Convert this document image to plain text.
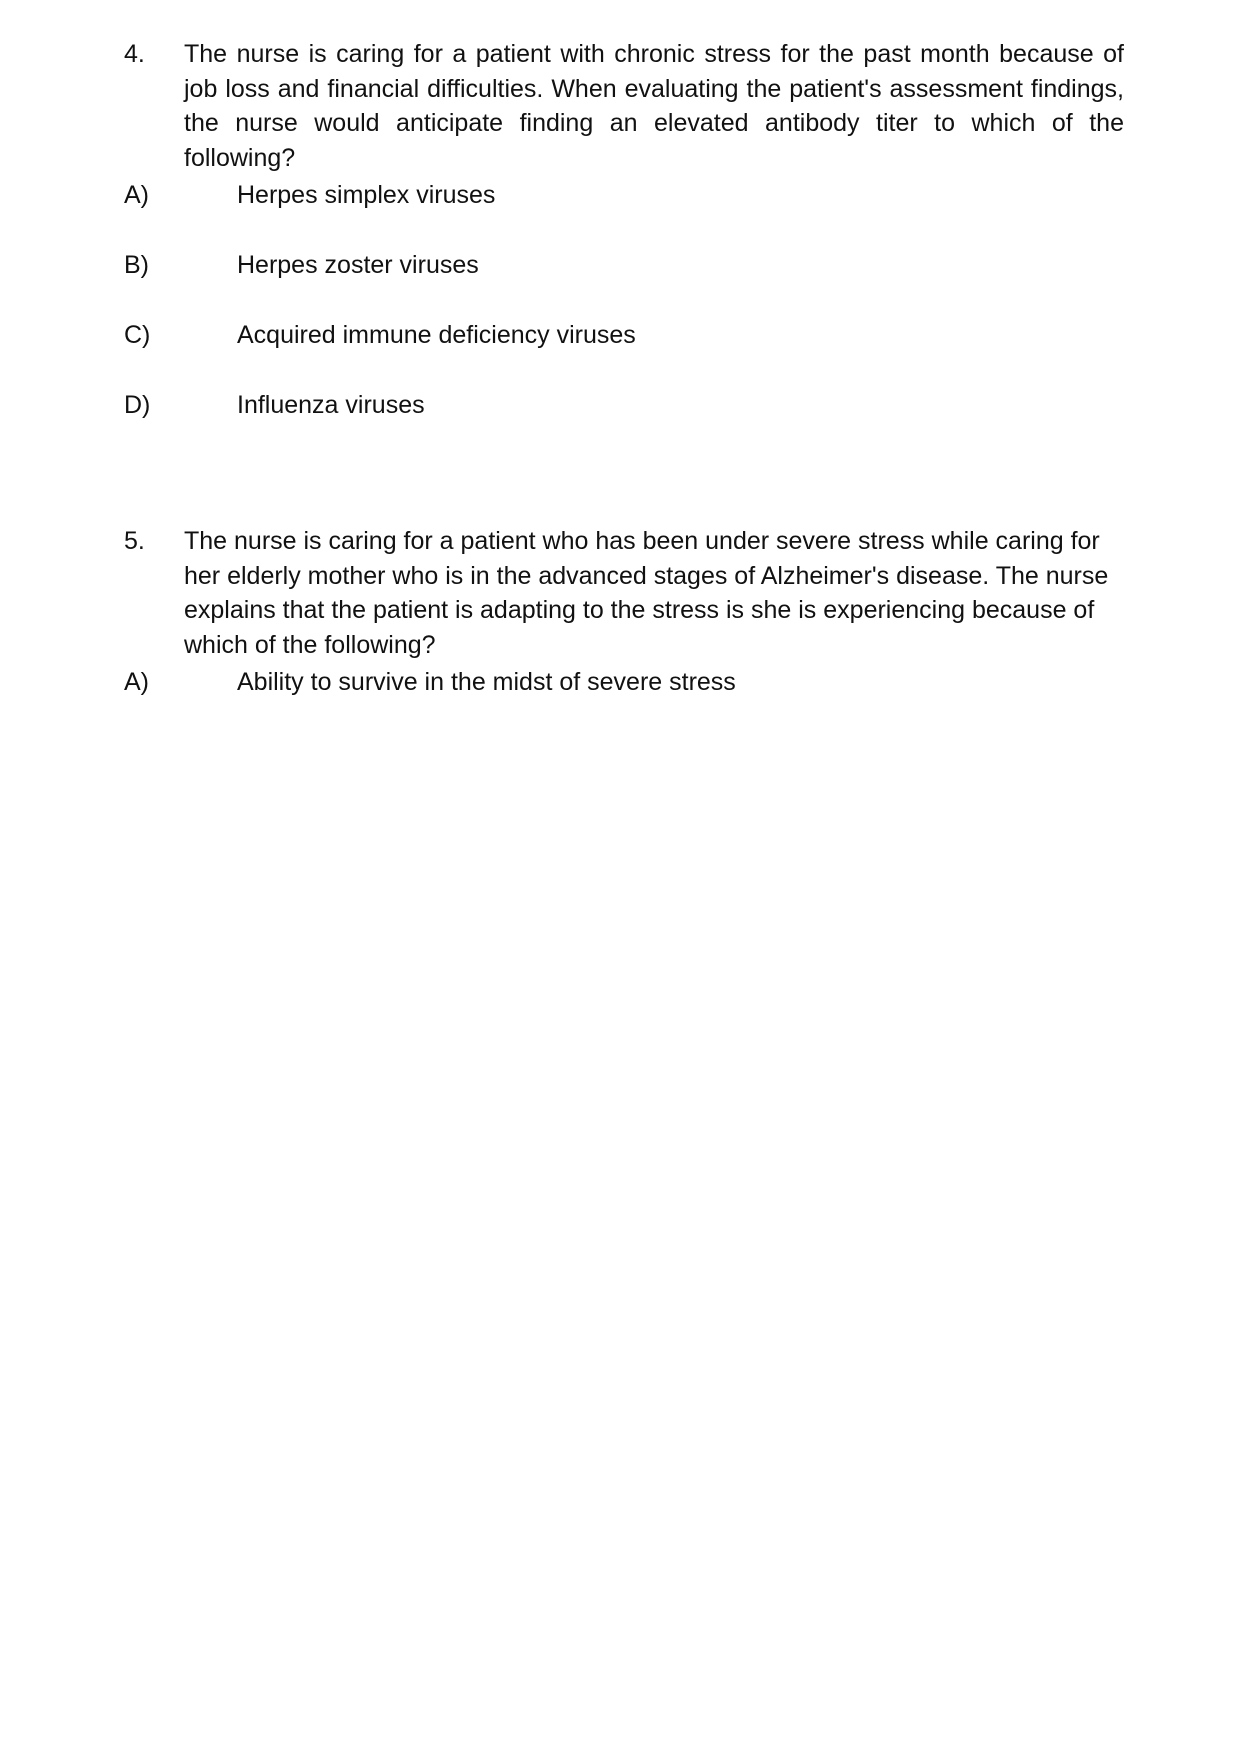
4. The nurse is caring for a patient with chronic stress for the past month because of job loss and financial difficulties. When evaluating the patient's assessment findings, the nurse would anticipate finding an elevated antibody titer to which of the following?
A)	Herpes simplex viruses
B)	Herpes zoster viruses
C)	Acquired immune deficiency viruses
D)	Influenza viruses
5. The nurse is caring for a patient who has been under severe stress while caring for her elderly mother who is in the advanced stages of Alzheimer's disease. The nurse explains that the patient is adapting to the stress is she is experiencing because of which of the following?
A)	Ability to survive in the midst of severe stress
